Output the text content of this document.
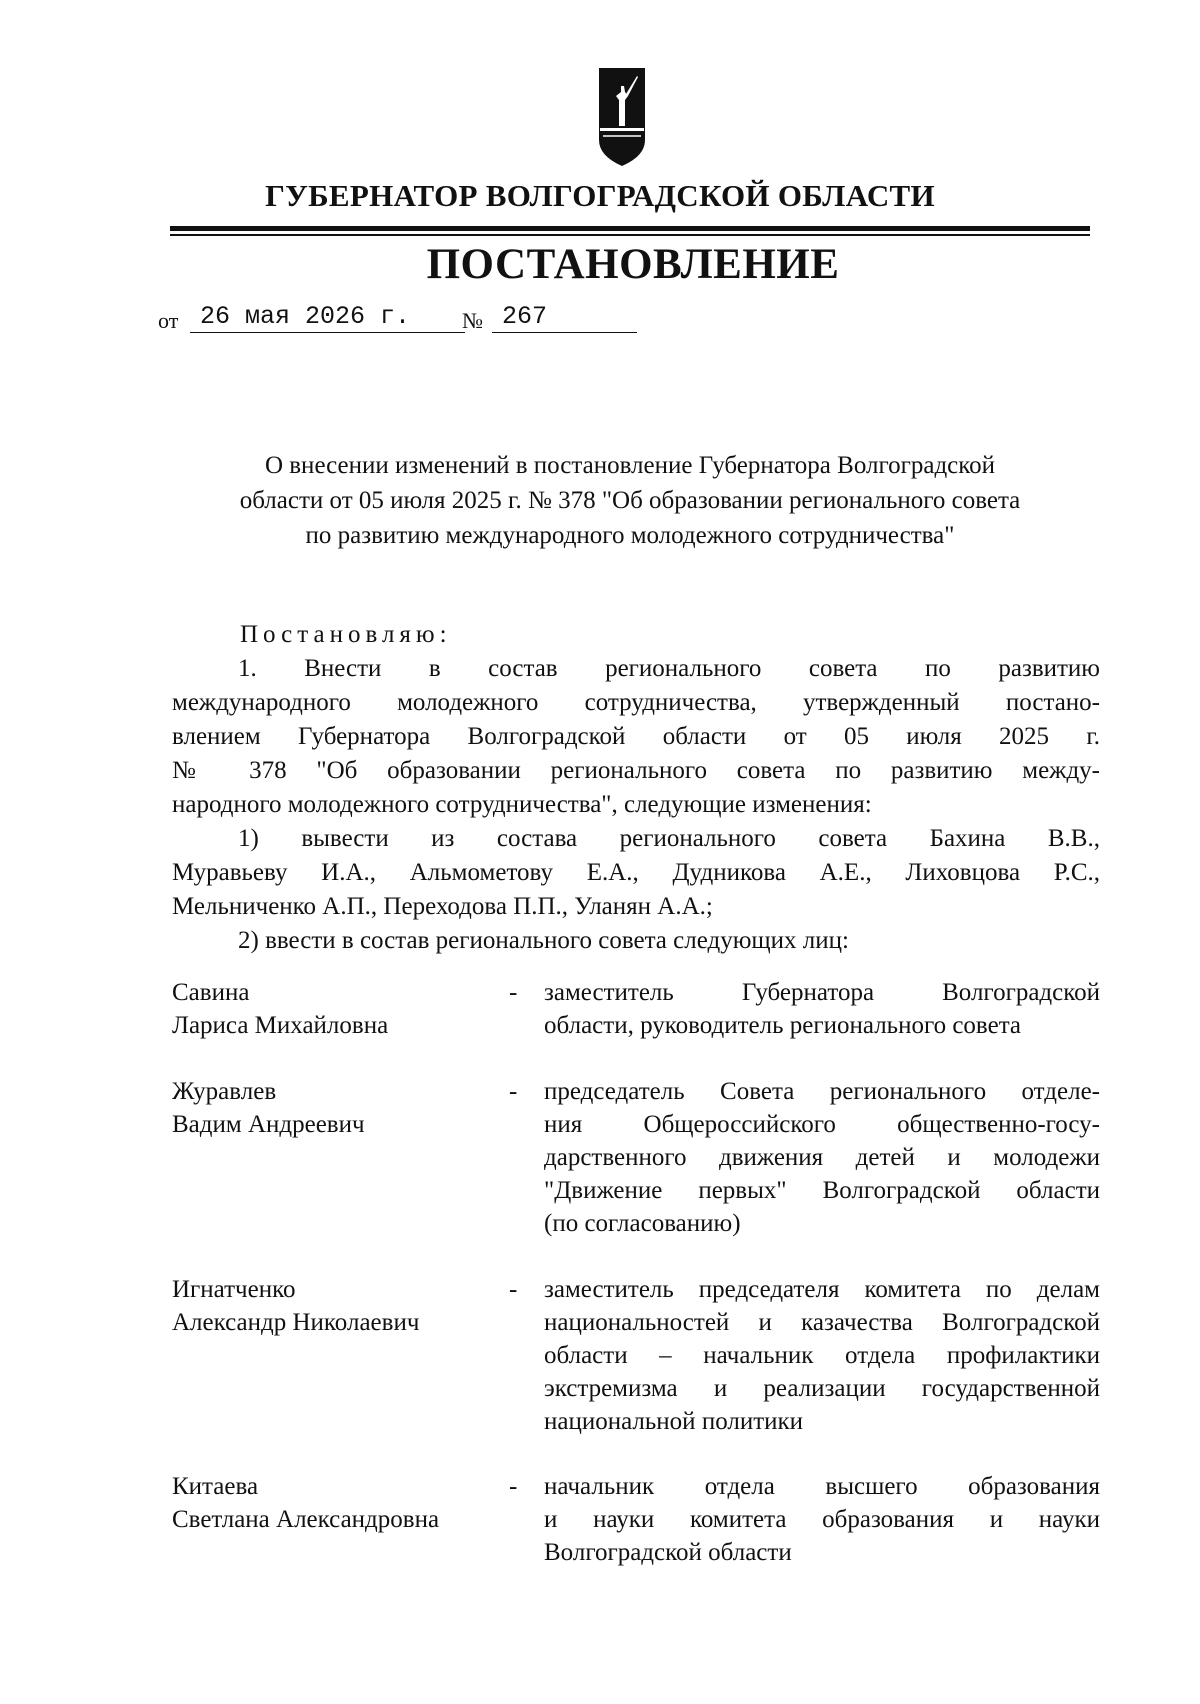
ГУБЕРНАТОР ВОЛГОГРАДСКОЙ ОБЛАСТИ
ПОСТАНОВЛЕНИЕ
от 26 мая 2026 г.	№ 267
О внесении изменений в постановление Губернатора Волгоградской
области от 05 июля 2025 г. № 378 "Об образовании регионального совета
по развитию международного молодежного сотрудничества"
Постановляю:
1. Внести в состав регионального совета по развитию
международного молодежного сотрудничества, утвержденный постано-
влением Губернатора Волгоградской области от 05 июля 2025 г.
№ 378 "Об образовании регионального совета по развитию между-
народного молодежного сотрудничества", следующие изменения:
1) вывести из состава регионального совета Бахина В.В.,
Муравьеву И.А., Альмометову Е.А., Дудникова А.Е., Лиховцова Р.С.,
Мельниченко А.П., Переходова П.П., Уланян А.А.;
2) ввести в состав регионального совета следующих лиц:
Савина
Лариса Михайловна
- заместитель Губернатора Волгоградской
области, руководитель регионального совета
Журавлев
Вадим Андреевич
- председатель Совета регионального отделе-
ния Общероссийского общественно-госу-
дарственного движения детей и молодежи
"Движение первых" Волгоградской области
(по согласованию)
Игнатченко
Александр Николаевич
- заместитель председателя комитета по делам
национальностей и казачества Волгоградской
области – начальник отдела профилактики
экстремизма и реализации государственной
национальной политики
Китаева
Светлана Александровна
- начальник отдела высшего образования
и науки комитета образования и науки
Волгоградской области
